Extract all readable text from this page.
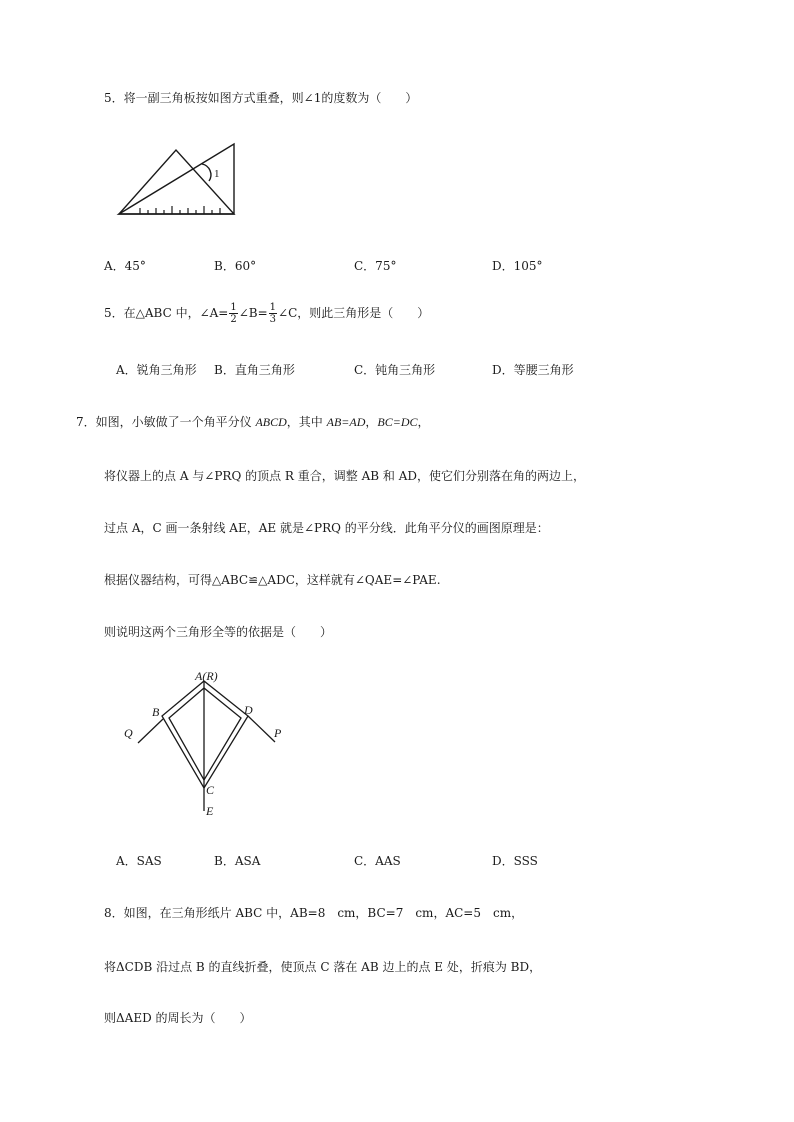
5．将一副三角板按如图方式重叠，则∠1的度数为（　　）
1
A．45°	B．60°	C．75°	D．105°
5．在△ABC 中，∠A= $\frac{1}{2}$ ∠B= $\frac{1}{3}$ ∠C，则此三角形是（　　）
A．锐角三角形 B．直角三角形	C．钝角三角形	D．等腰三角形
7．如图，小敏做了一个角平分仪 ABCD，其中 AB=AD，BC=DC，
将仪器上的点 A 与∠PRQ 的顶点 R 重合，调整 AB 和 AD，使它们分别落在角的两边上，
过点 A，C 画一条射线 AE，AE 就是∠PRQ 的平分线．此角平分仪的画图原理是：
根据仪器结构，可得△ABC≌△ADC，这样就有∠QAE=∠PAE.
则说明这两个三角形全等的依据是（　　）
A(R)
B	D
Q	P
C
E
A．SAS	B．ASA	C．AAS	D．SSS
8．如图，在三角形纸片 ABC 中，AB=8　cm，BC=7　cm，AC=5　cm，
将ΔCDB 沿过点 B 的直线折叠，使顶点 C 落在 AB 边上的点 E 处，折痕为 BD，
则ΔAED 的周长为（　　）
